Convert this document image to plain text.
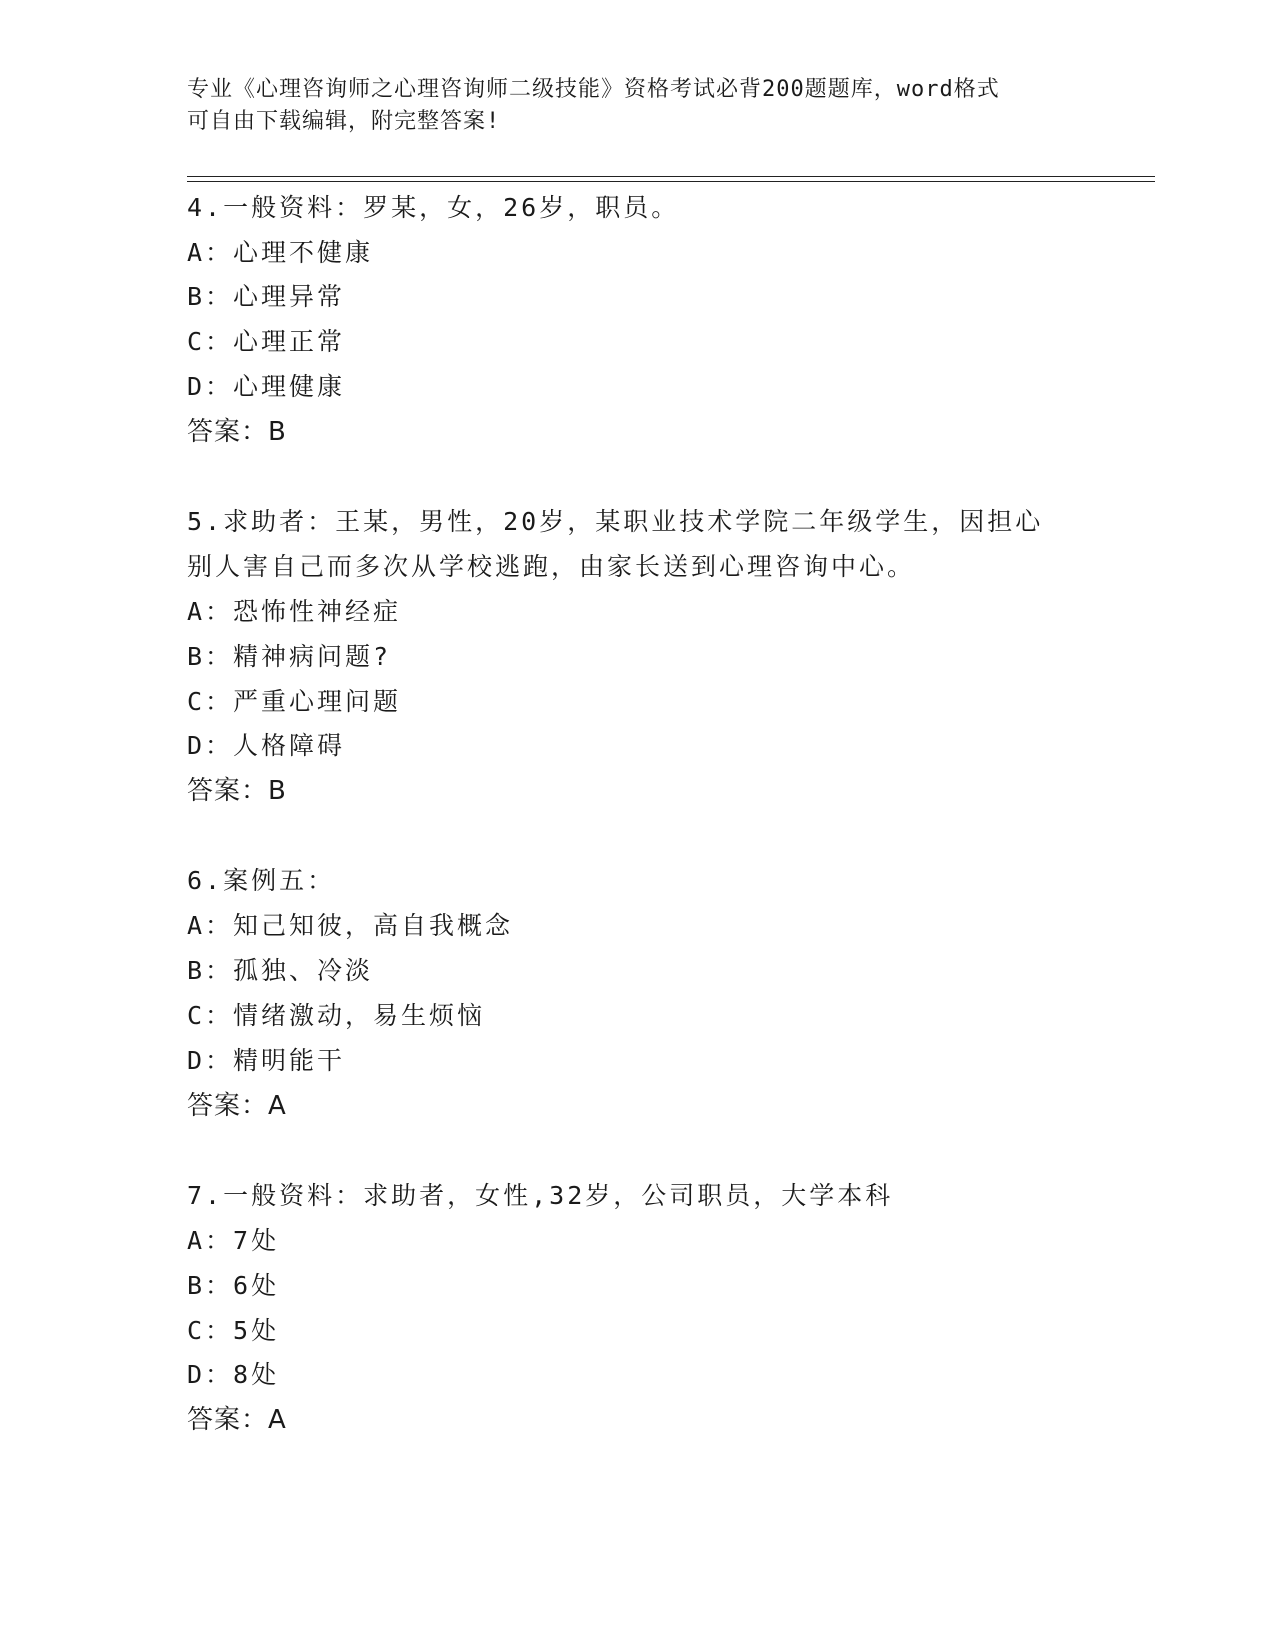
专业《心理咨询师之心理咨询师二级技能》资格考试必背200题题库，word格式
可自由下载编辑，附完整答案!
4.一般资料：罗某，女，26岁，职员。
A：心理不健康
B：心理异常
C：心理正常
D：心理健康
答案：B
5.求助者：王某，男性，20岁，某职业技术学院二年级学生，因担心
别人害自己而多次从学校逃跑，由家长送到心理咨询中心。
A：恐怖性神经症
B：精神病问题?
C：严重心理问题
D：人格障碍
答案：B
6.案例五：
A：知己知彼，高自我概念
B：孤独、冷淡
C：情绪激动，易生烦恼
D：精明能干
答案：A
7.一般资料：求助者，女性,32岁，公司职员，大学本科
A：7处
B：6处
C：5处
D：8处
答案：A
